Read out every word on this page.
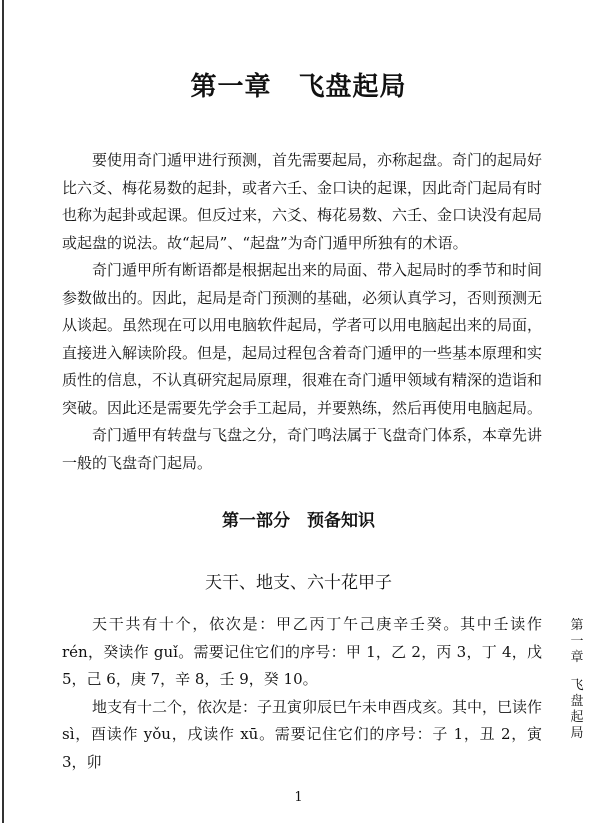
第一章　飞盘起局

要使用奇门遁甲进行预测，首先需要起局，亦称起盘。奇门的起局好比六爻、梅花易数的起卦，或者六壬、金口诀的起课，因此奇门起局有时也称为起卦或起课。但反过来，六爻、梅花易数、六壬、金口诀没有起局或起盘的说法。故“起局”、“起盘”为奇门遁甲所独有的术语。

奇门遁甲所有断语都是根据起出来的局面、带入起局时的季节和时间参数做出的。因此，起局是奇门预测的基础，必须认真学习，否则预测无从谈起。虽然现在可以用电脑软件起局，学者可以用电脑起出来的局面，直接进入解读阶段。但是，起局过程包含着奇门遁甲的一些基本原理和实质性的信息，不认真研究起局原理，很难在奇门遁甲领域有精深的造诣和突破。因此还是需要先学会手工起局，并要熟练，然后再使用电脑起局。

奇门遁甲有转盘与飞盘之分，奇门鸣法属于飞盘奇门体系，本章先讲一般的飞盘奇门起局。

第一部分　预备知识
天干、地支、六十花甲子

天干共有十个，依次是：甲乙丙丁午己庚辛壬癸。其中壬读作 rén，癸读作 guǐ。需要记住它们的序号：甲 1，乙 2，丙 3，丁 4，戊 5，己 6，庚 7，辛 8，壬 9，癸 10。

地支有十二个，依次是：子丑寅卯辰巳午未申酉戌亥。其中，巳读作 sì，酉读作 yǒu，戌读作 xū。需要记住它们的序号：子 1，丑 2，寅 3，卯

第一章
飞盘起局
1
